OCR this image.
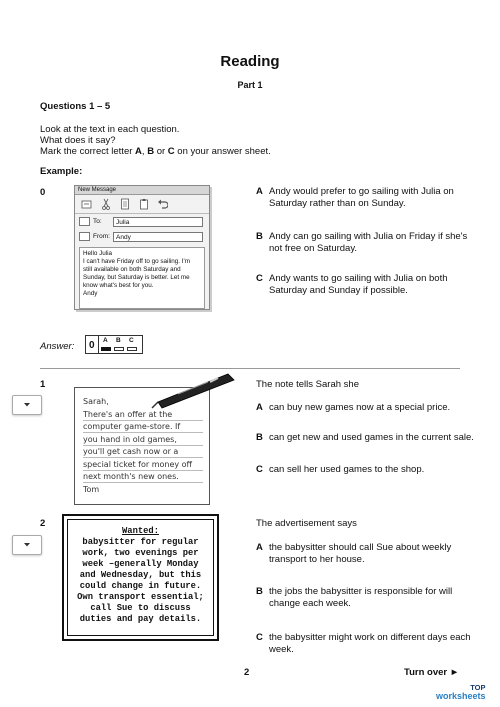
Reading
Part 1
Questions 1 – 5
Look at the text in each question.
What does it say?
Mark the correct letter A, B or C on your answer sheet.
Example:
0	New Message
To:	Julia
From: Andy
Hello Julia
I can't have Friday off to go sailing. I'm
still available on both Saturday and
Sunday, but Saturday is better. Let me
know what's best for you.
Andy
A Andy would prefer to go sailing with Julia on Saturday rather than on Sunday.
B Andy can go sailing with Julia on Friday if she's not free on Saturday.
C Andy wants to go sailing with Julia on both Saturday and Sunday if possible.
Answer: 0 A B C
1
Sarah,
There's an offer at the
computer game-store. If
you hand in old games,
you'll get cash now or a
special ticket for money off
next month's new ones.
Tom
The note tells Sarah she
A can buy new games now at a special price.
B can get new and used games in the current sale.
C can sell her used games to the shop.
2
Wanted:
babysitter for regular
work, two evenings per
week –generally Monday
and Wednesday, but this
could change in future.
Own transport essential;
call Sue to discuss
duties and pay details.
The advertisement says
A the babysitter should call Sue about weekly transport to her house.
B the jobs the babysitter is responsible for will change each week.
C the babysitter might work on different days each week.
2	Turn over ►
TOP
worksheets
